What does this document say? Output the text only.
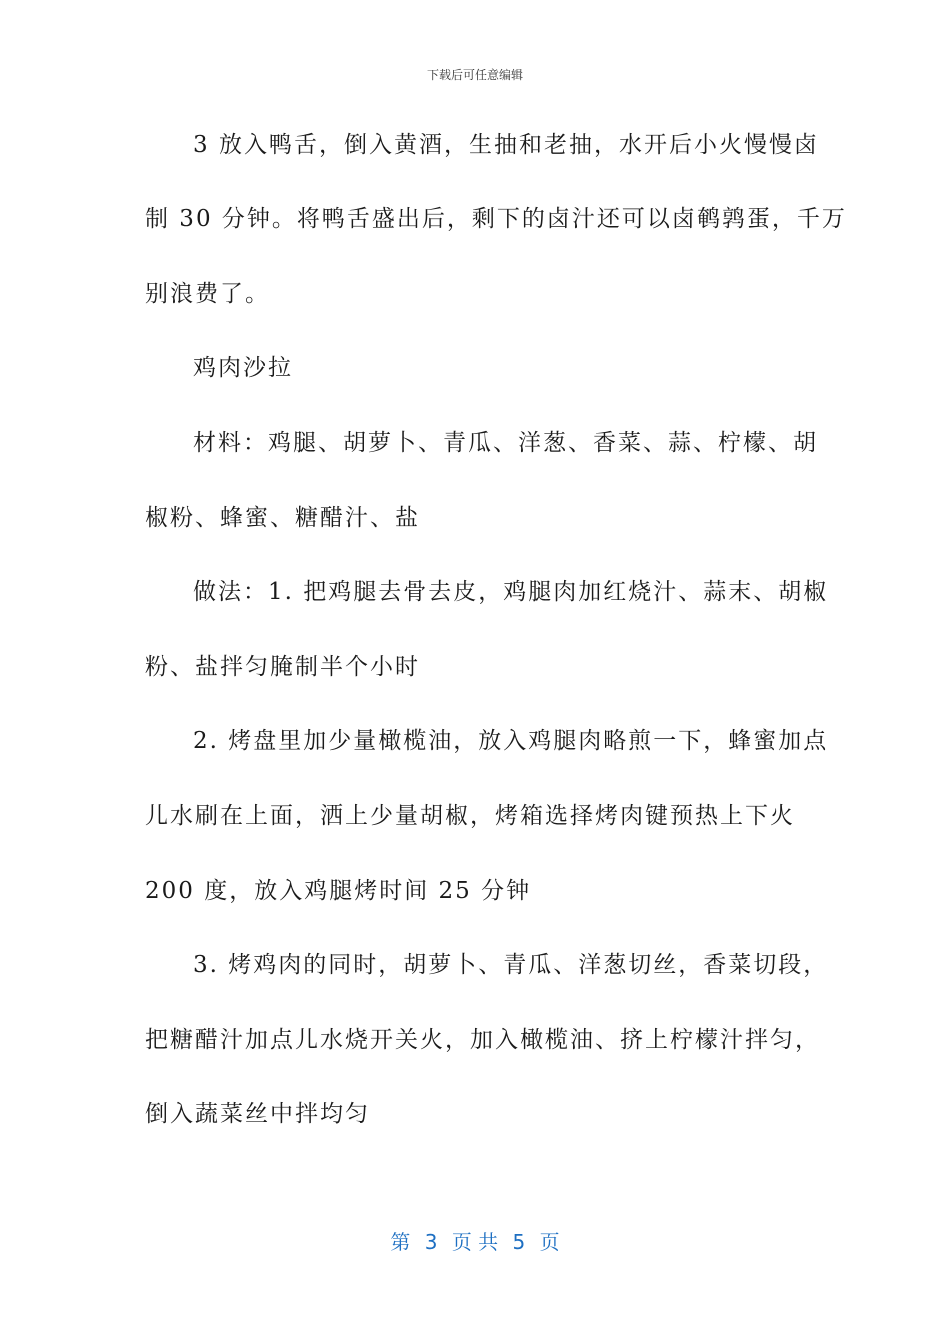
下载后可任意编辑
3 放入鸭舌，倒入黄酒，生抽和老抽，水开后小火慢慢卤
制 30 分钟。将鸭舌盛出后，剩下的卤汁还可以卤鹌鹑蛋，千万
别浪费了。
鸡肉沙拉
材料：鸡腿、胡萝卜、青瓜、洋葱、香菜、蒜、柠檬、胡
椒粉、蜂蜜、糖醋汁、盐
做法：1. 把鸡腿去骨去皮，鸡腿肉加红烧汁、蒜末、胡椒
粉、盐拌匀腌制半个小时
2. 烤盘里加少量橄榄油，放入鸡腿肉略煎一下，蜂蜜加点
儿水刷在上面，洒上少量胡椒，烤箱选择烤肉键预热上下火
200 度，放入鸡腿烤时间 25 分钟
3. 烤鸡肉的同时，胡萝卜、青瓜、洋葱切丝，香菜切段，
把糖醋汁加点儿水烧开关火，加入橄榄油、挤上柠檬汁拌匀，
倒入蔬菜丝中拌均匀
第 3 页 共 5 页
